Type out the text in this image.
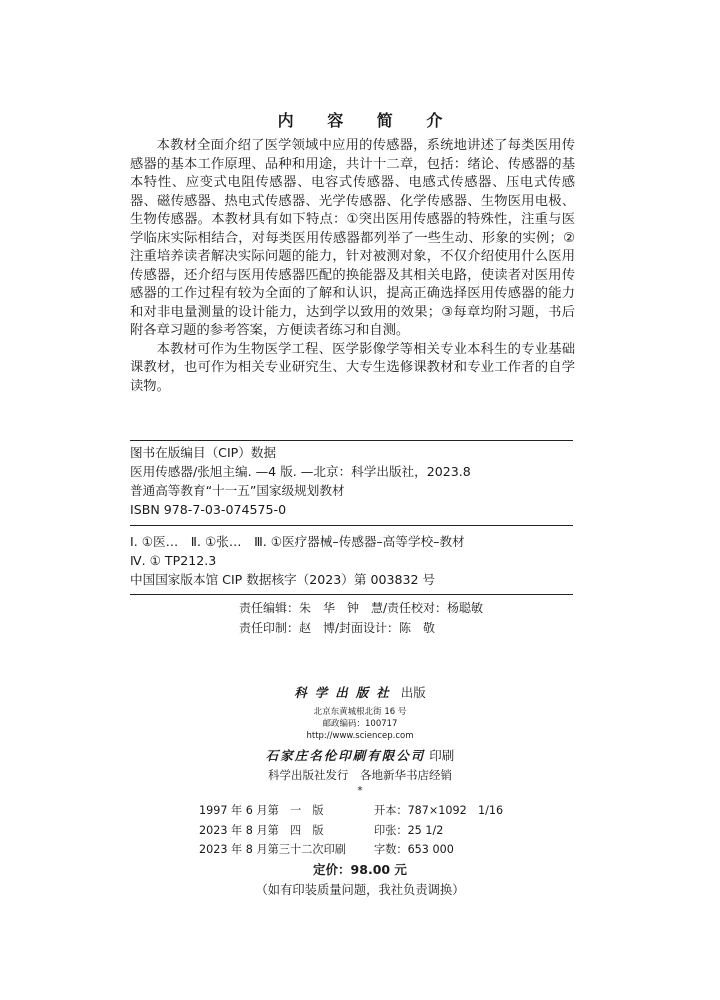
内 容 简 介

本教材全面介绍了医学领域中应用的传感器，系统地讲述了每类医用传感器的基本工作原理、品种和用途，共计十二章，包括：绪论、传感器的基本特性、应变式电阻传感器、电容式传感器、电感式传感器、压电式传感器、磁传感器、热电式传感器、光学传感器、化学传感器、生物医用电极、生物传感器。本教材具有如下特点：①突出医用传感器的特殊性，注重与医学临床实际相结合，对每类医用传感器都列举了一些生动、形象的实例；②注重培养读者解决实际问题的能力，针对被测对象，不仅介绍使用什么医用传感器，还介绍与医用传感器匹配的换能器及其相关电路，使读者对医用传感器的工作过程有较为全面的了解和认识，提高正确选择医用传感器的能力和对非电量测量的设计能力，达到学以致用的效果；③每章均附习题，书后附各章习题的参考答案，方便读者练习和自测。

本教材可作为生物医学工程、医学影像学等相关专业本科生的专业基础课教材，也可作为相关专业研究生、大专生选修课教材和专业工作者的自学读物。

图书在版编目（CIP）数据
医用传感器/张旭主编. —4 版. —北京：科学出版社，2023.8
普通高等教育“十一五”国家级规划教材
ISBN 978-7-03-074575-0
Ⅰ. ①医…　Ⅱ. ①张…　Ⅲ. ①医疗器械–传感器–高等学校–教材
Ⅳ. ① TP212.3
中国国家版本馆 CIP 数据核字（2023）第 003832 号
责任编辑：朱　华　钟　慧/责任校对：杨聪敏
责任印制：赵　博/封面设计：陈　敬
科学出版社 出版
北京东黄城根北街 16 号
邮政编码：100717
http://www.sciencep.com
石家庄名伦印刷有限公司 印刷
科学出版社发行　各地新华书店经销
*
1997 年 6 月第　一　版	开本：787×1092　1/16
2023 年 8 月第　四　版	印张：25 1/2
2023 年 8 月第三十二次印刷	字数：653 000
定价：98.00 元
（如有印装质量问题，我社负责调换）
